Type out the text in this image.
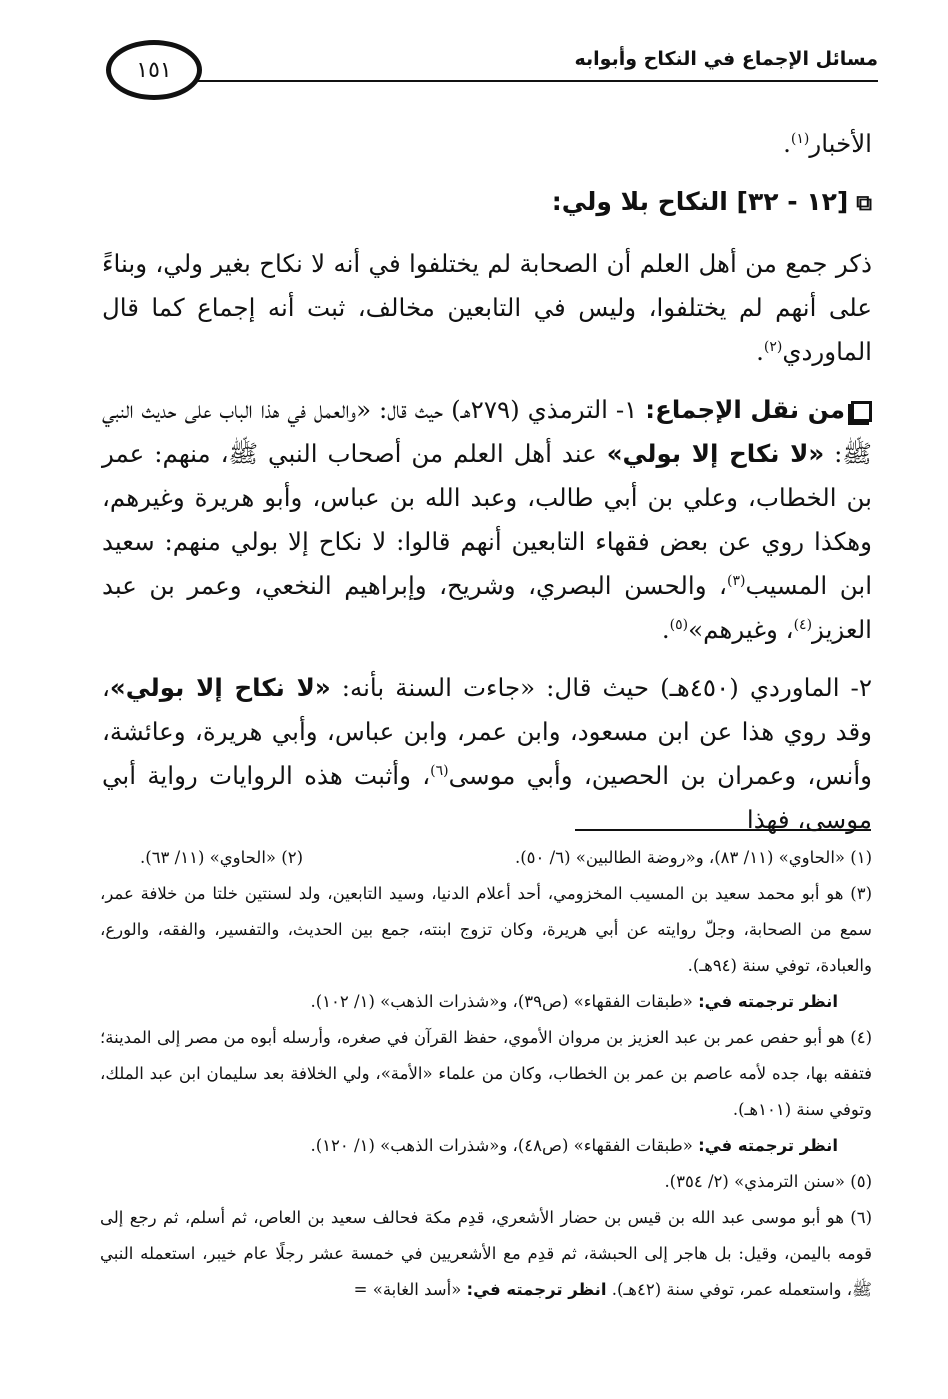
مسائل الإجماع في النكاح وأبوابه
١٥١

الأخبار$^{(١)}$.

⧉[١٢ - ٣٢] النكاح بلا ولي:

ذكر جمع من أهل العلم أن الصحابة لم يختلفوا في أنه لا نكاح بغير ولي، وبناءً على أنهم لم يختلفوا، وليس في التابعين مخالف، ثبت أنه إجماع كما قال الماوردي$^{(٢)}$.

من نقل الإجماع: ١- الترمذي (٢٧٩هـ) حيث قال: «والعمل في هذا الباب على حديث النبي ﷺ: «لا نكاح إلا بولي» عند أهل العلم من أصحاب النبي ﷺ، منهم: عمر بن الخطاب، وعلي بن أبي طالب، وعبد الله بن عباس، وأبو هريرة وغيرهم، وهكذا روي عن بعض فقهاء التابعين أنهم قالوا: لا نكاح إلا بولي منهم: سعيد ابن المسيب$^{(٣)}$، والحسن البصري، وشريح، وإبراهيم النخعي، وعمر بن عبد العزيز$^{(٤)}$، وغيرهم»$^{(٥)}$.

٢- الماوردي (٤٥٠هـ) حيث قال: «جاءت السنة بأنه: «لا نكاح إلا بولي»، وقد روي هذا عن ابن مسعود، وابن عمر، وابن عباس، وأبي هريرة، وعائشة، وأنس، وعمران بن الحصين، وأبي موسى$^{(٦)}$، وأثبت هذه الروايات رواية أبي موسى، فهذا

(١) «الحاوي» (١١/ ٨٣)، و«روضة الطالبين» (٦/ ٥٠).
(٢) «الحاوي» (١١/ ٦٣).

(٣) هو أبو محمد سعيد بن المسيب المخزومي، أحد أعلام الدنيا، وسيد التابعين، ولد لسنتين خلتا من خلافة عمر، سمع من الصحابة، وجلّ روايته عن أبي هريرة، وكان تزوج ابنته، جمع بين الحديث، والتفسير، والفقه، والورع، والعبادة، توفي سنة (٩٤هـ).

انظر ترجمته في: «طبقات الفقهاء» (ص٣٩)، و«شذرات الذهب» (١/ ١٠٢).

(٤) هو أبو حفص عمر بن عبد العزيز بن مروان الأموي، حفظ القرآن في صغره، وأرسله أبوه من مصر إلى المدينة؛ فتفقه بها، جده لأمه عاصم بن عمر بن الخطاب، وكان من علماء «الأمة»، ولي الخلافة بعد سليمان ابن عبد الملك، وتوفي سنة (١٠١هـ).

انظر ترجمته في: «طبقات الفقهاء» (ص٤٨)، و«شذرات الذهب» (١/ ١٢٠).

(٥) «سنن الترمذي» (٢/ ٣٥٤).

(٦) هو أبو موسى عبد الله بن قيس بن حضار الأشعري، قدِم مكة فحالف سعيد بن العاص، ثم أسلم، ثم رجع إلى قومه باليمن، وقيل: بل هاجر إلى الحبشة، ثم قدِم مع الأشعريين في خمسة عشر رجلًا عام خيبر، استعمله النبي ﷺ، واستعمله عمر، توفي سنة (٤٢هـ). انظر ترجمته في: «أسد الغابة» =
